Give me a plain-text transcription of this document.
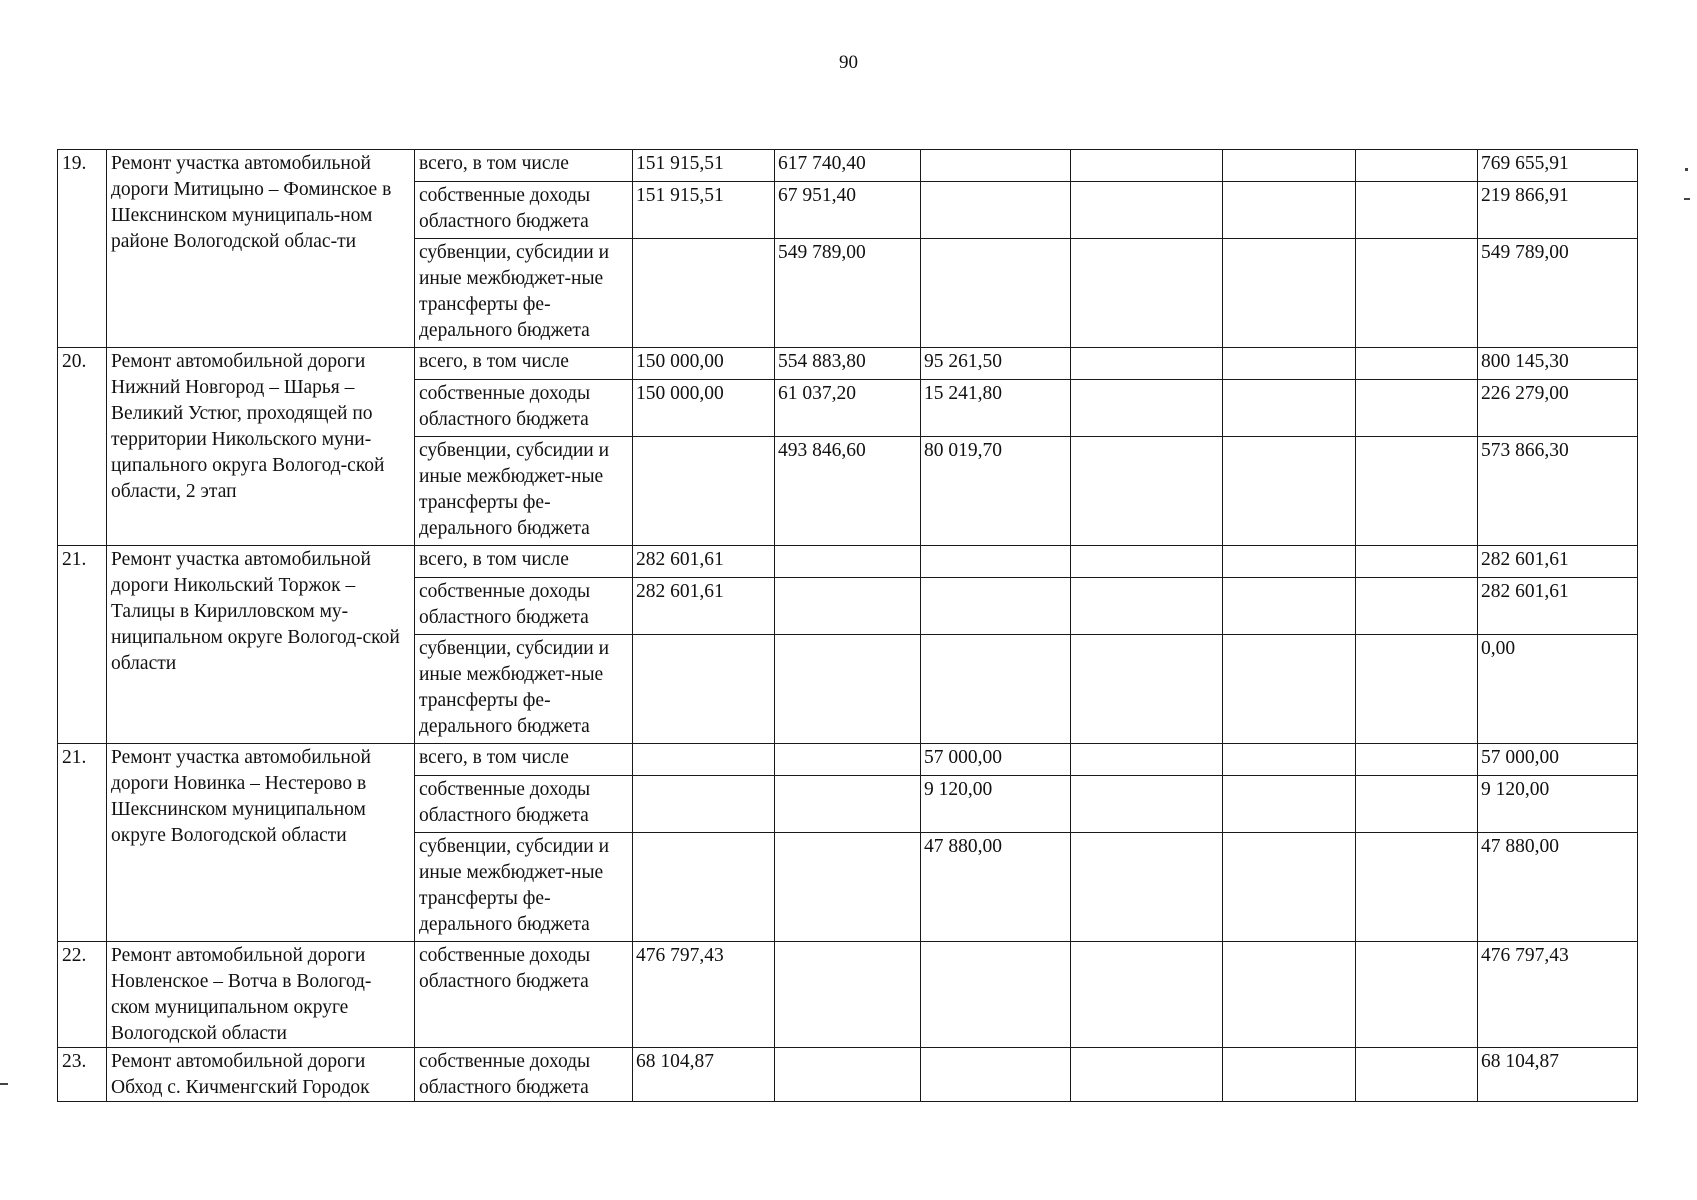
90
19.	Ремонт участка автомобильной дороги Митицыно – Фоминское в Шекснинском муниципаль-ном районе Вологодской облас-ти	всего, в том числе	151 915,51	617 740,40					769 655,91
		собственные доходы областного бюджета	151 915,51	67 951,40					219 866,91
		субвенции, субсидии и иные межбюджет-ные трансферты фе-дерального бюджета		549 789,00					549 789,00
20.	Ремонт автомобильной дороги Нижний Новгород – Шарья – Великий Устюг, проходящей по территории Никольского муни-ципального округа Вологод-ской области, 2 этап	всего, в том числе	150 000,00	554 883,80	95 261,50				800 145,30
		собственные доходы областного бюджета	150 000,00	61 037,20	15 241,80				226 279,00
		субвенции, субсидии и иные межбюджет-ные трансферты фе-дерального бюджета		493 846,60	80 019,70				573 866,30
21.	Ремонт участка автомобильной дороги Никольский Торжок – Талицы в Кирилловском му-ниципальном округе Вологод-ской области	всего, в том числе	282 601,61						282 601,61
		собственные доходы областного бюджета	282 601,61						282 601,61
		субвенции, субсидии и иные межбюджет-ные трансферты фе-дерального бюджета							0,00
21.	Ремонт участка автомобильной дороги Новинка – Нестерово в Шекснинском муниципальном округе Вологодской области	всего, в том числе			57 000,00				57 000,00
		собственные доходы областного бюджета			9 120,00				9 120,00
		субвенции, субсидии и иные межбюджет-ные трансферты фе-дерального бюджета			47 880,00				47 880,00
22.	Ремонт автомобильной дороги Новленское – Вотча в Вологод-ском муниципальном округе Вологодской области	собственные доходы областного бюджета	476 797,43						476 797,43
23.	Ремонт автомобильной дороги Обход с. Кичменгский Городок	собственные доходы областного бюджета	68 104,87						68 104,87
